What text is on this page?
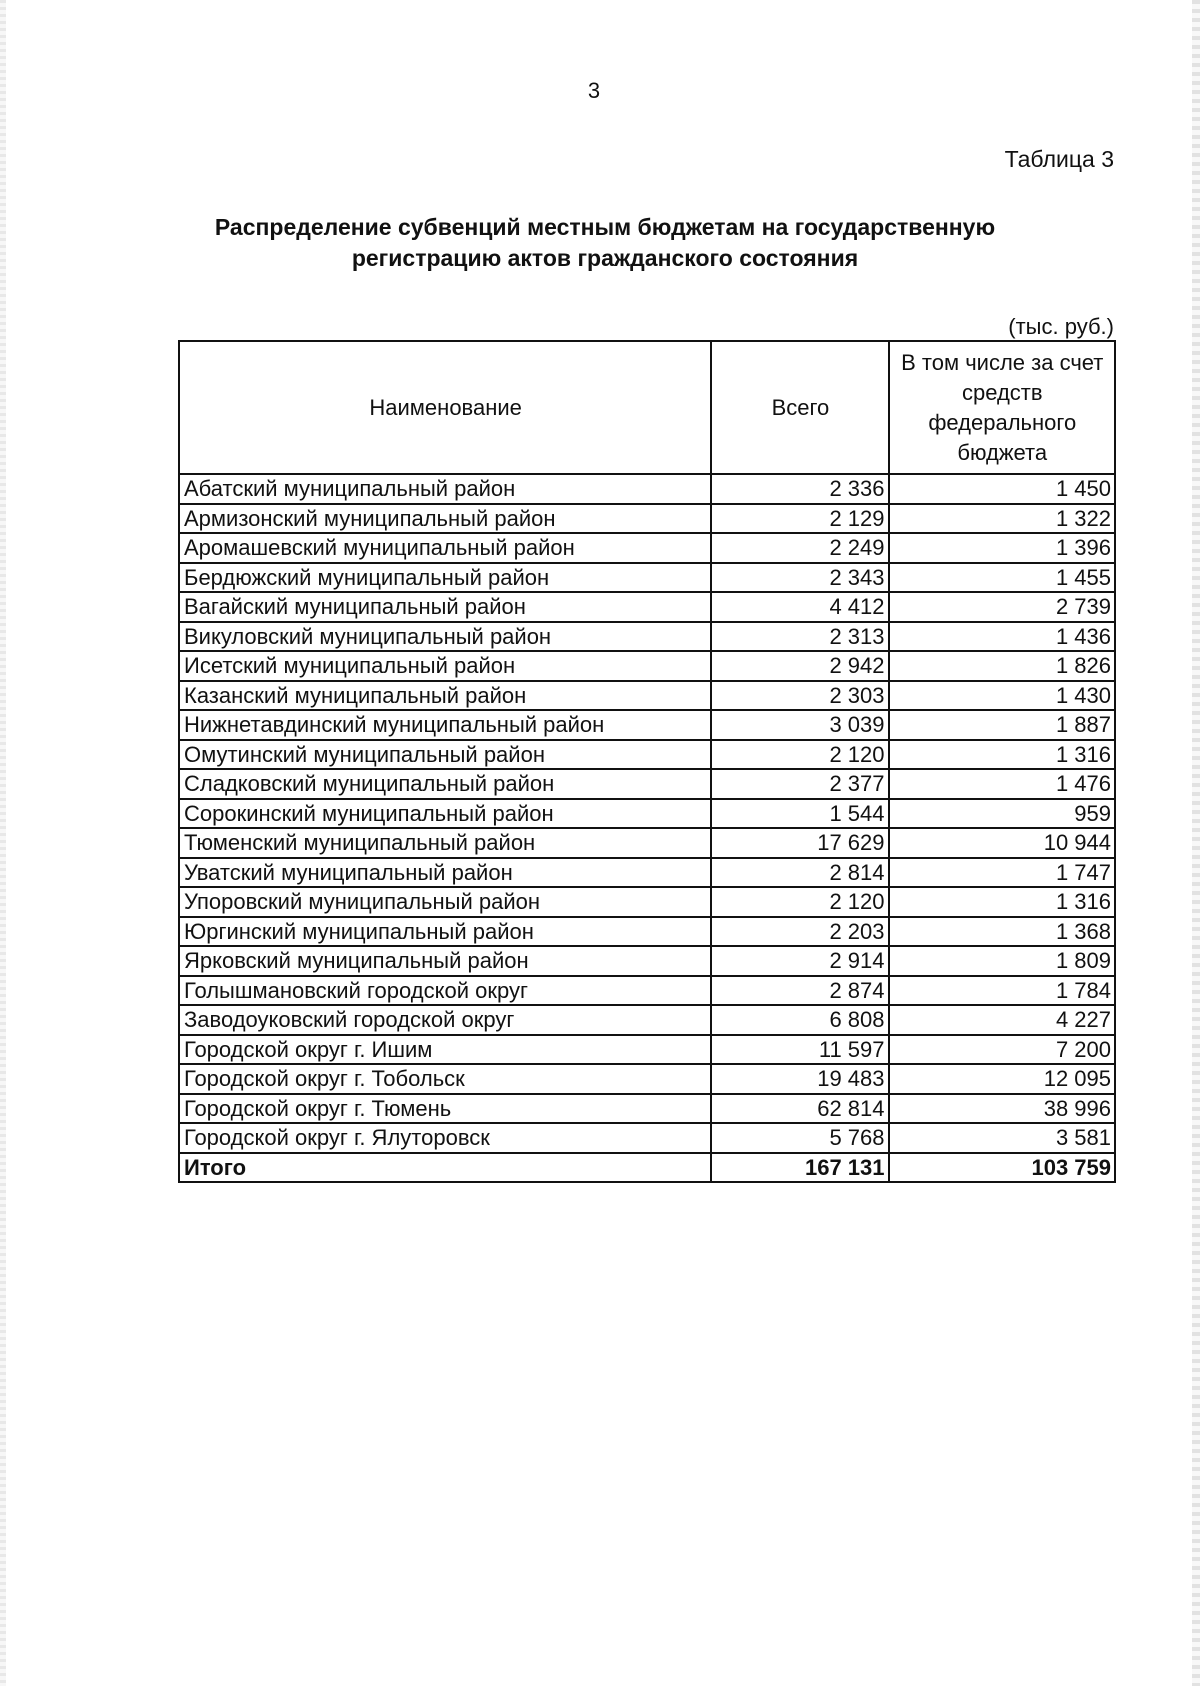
3
Таблица 3
Распределение субвенций местным бюджетам на государственную
регистрацию актов гражданского состояния
(тыс. руб.)
Наименование	Всего	В том числе за счет средств федерального бюджета
Абатский муниципальный район	2 336	1 450
Армизонский муниципальный район	2 129	1 322
Аромашевский муниципальный район	2 249	1 396
Бердюжский муниципальный район	2 343	1 455
Вагайский муниципальный район	4 412	2 739
Викуловский муниципальный район	2 313	1 436
Исетский муниципальный район	2 942	1 826
Казанский муниципальный район	2 303	1 430
Нижнетавдинский муниципальный район	3 039	1 887
Омутинский муниципальный район	2 120	1 316
Сладковский муниципальный район	2 377	1 476
Сорокинский муниципальный район	1 544	959
Тюменский муниципальный район	17 629	10 944
Уватский муниципальный район	2 814	1 747
Упоровский муниципальный район	2 120	1 316
Юргинский муниципальный район	2 203	1 368
Ярковский муниципальный район	2 914	1 809
Голышмановский городской округ	2 874	1 784
Заводоуковский городской округ	6 808	4 227
Городской округ г. Ишим	11 597	7 200
Городской округ г. Тобольск	19 483	12 095
Городской округ г. Тюмень	62 814	38 996
Городской округ г. Ялуторовск	5 768	3 581
Итого	167 131	103 759
